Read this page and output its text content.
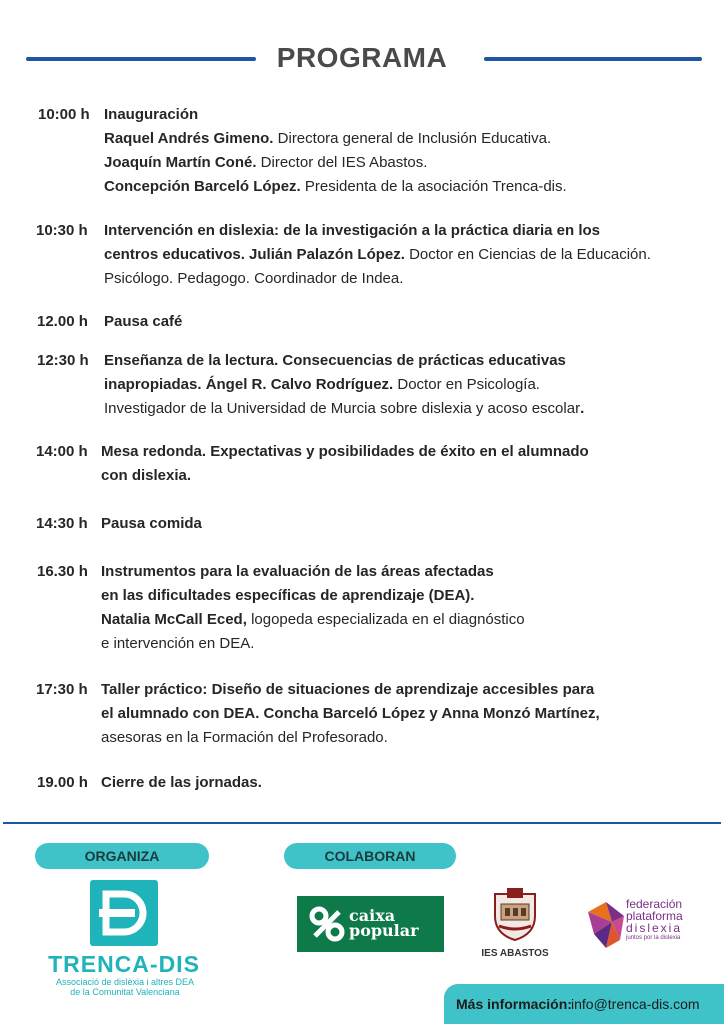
PROGRAMA
10:00 h Inauguración
Raquel Andrés Gimeno. Directora general de Inclusión Educativa.
Joaquín Martín Coné. Director del IES Abastos.
Concepción Barceló López. Presidenta de la asociación Trenca-dis.
10:30 h Intervención en dislexia: de la investigación a la práctica diaria en los
centros educativos. Julián Palazón López. Doctor en Ciencias de la Educación.
Psicólogo. Pedagogo. Coordinador de Indea.
12.00 h Pausa café
12:30 h Enseñanza de la lectura. Consecuencias de prácticas educativas
inapropiadas. Ángel R. Calvo Rodríguez. Doctor en Psicología.
Investigador de la Universidad de Murcia sobre dislexia y acoso escolar.
14:00 h Mesa redonda. Expectativas y posibilidades de éxito en el alumnado
con dislexia.
14:30 h Pausa comida
16.30 h Instrumentos para la evaluación de las áreas afectadas
en las dificultades específicas de aprendizaje (DEA).
Natalia McCall Eced, logopeda especializada en el diagnóstico
e intervención en DEA.
17:30 h Taller práctico: Diseño de situaciones de aprendizaje accesibles para
el alumnado con DEA. Concha Barceló López y Anna Monzó Martínez,
asesoras en la Formación del Profesorado.
19.00 h Cierre de las jornadas.
ORGANIZA	COLABORAN
TRENCA-DIS
Associació de dislèxia i altres DEA
de la Comunitat Valenciana
caixa
popular
IES ABASTOS
federación
plataforma
dislexia
juntos por la dislexia
Más información: info@trenca-dis.com
